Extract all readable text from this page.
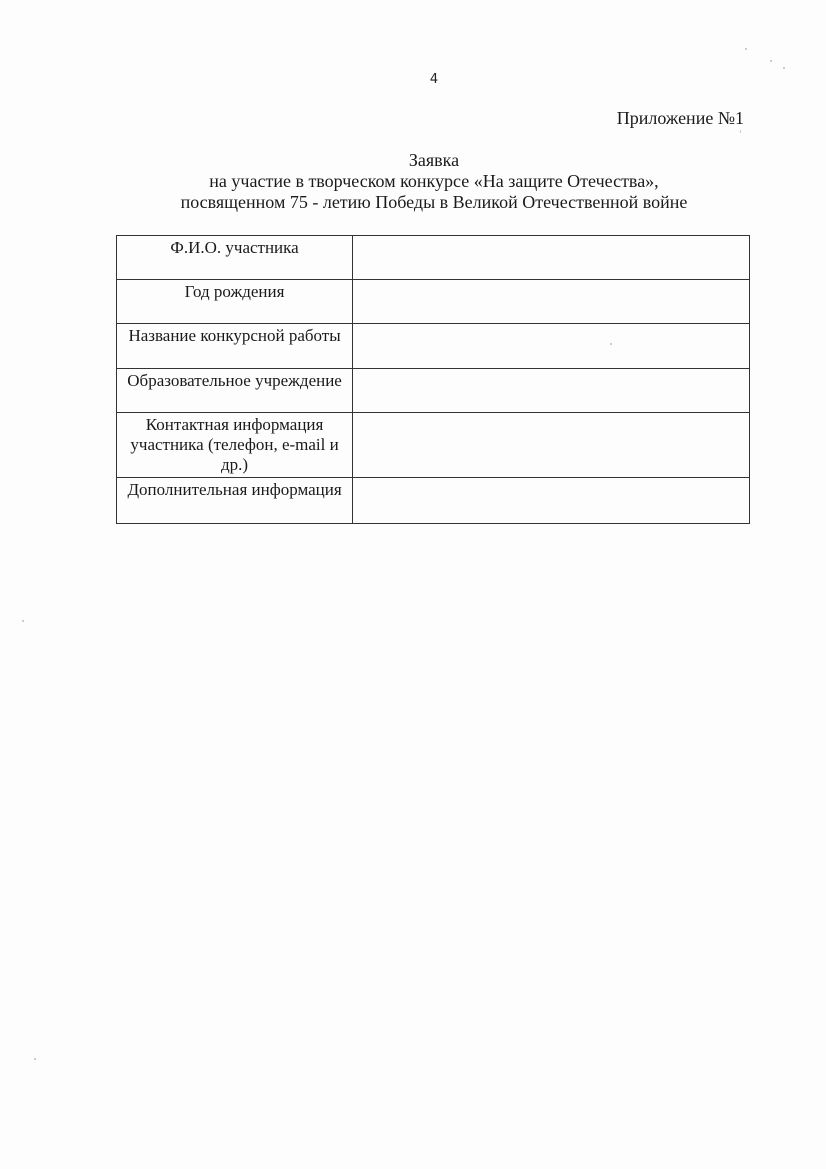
4
Приложение №1
Заявка
на участие в творческом конкурсе «На защите Отечества»,
посвященном 75 - летию Победы в Великой Отечественной войне
Ф.И.О. участника	
Год рождения	
Название конкурсной работы	
Образовательное учреждение	
Контактная информация участника (телефон, e-mail и др.)	
Дополнительная информация	
